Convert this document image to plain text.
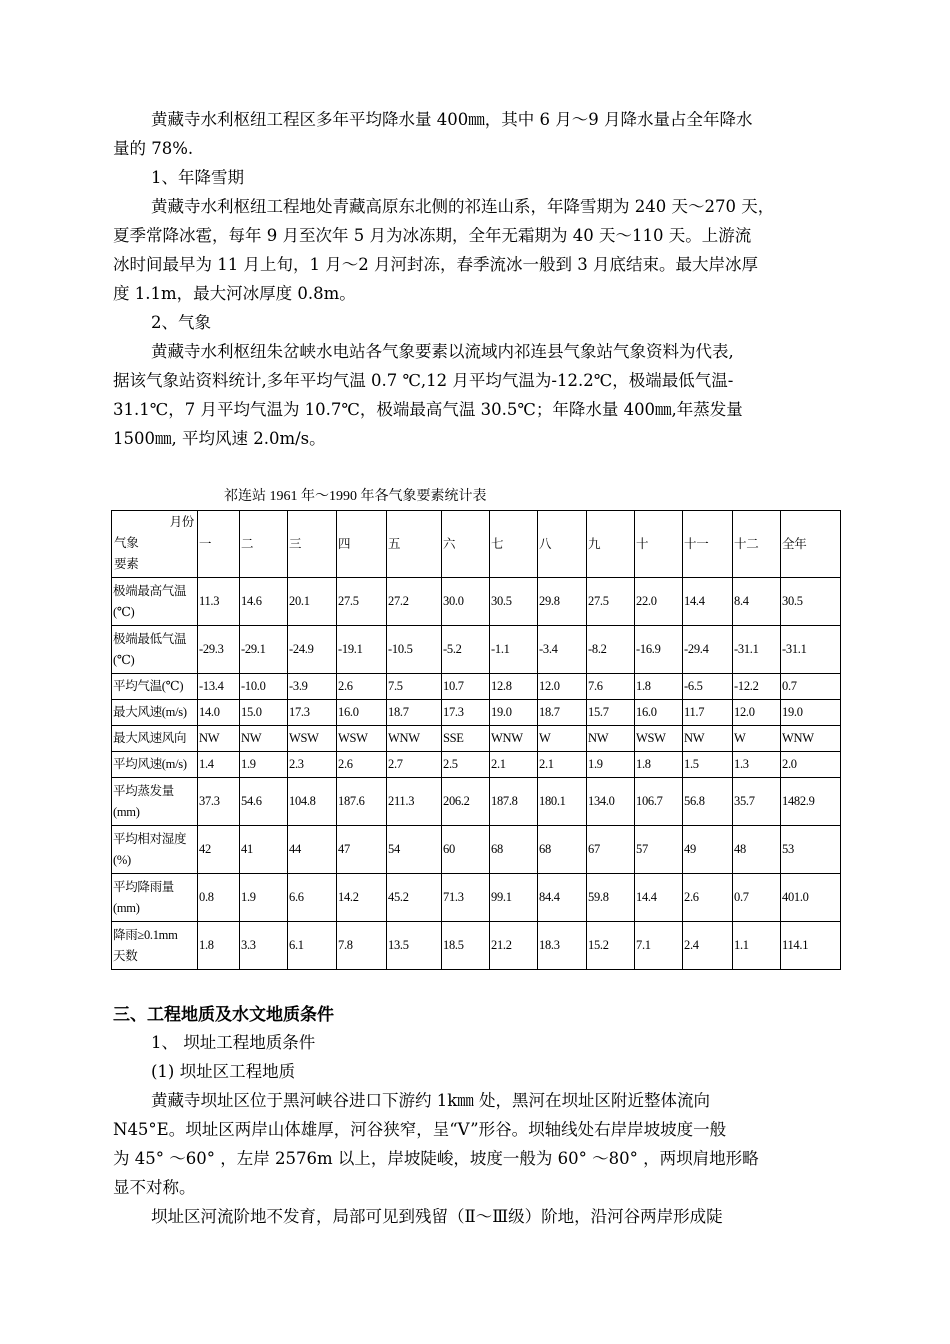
黄藏寺水利枢纽工程区多年平均降水量 400㎜，其中 6 月～9 月降水量占全年降水
量的 78%.
1、年降雪期
黄藏寺水利枢纽工程地处青藏高原东北侧的祁连山系，年降雪期为 240 天～270 天，
夏季常降冰雹，每年 9 月至次年 5 月为冰冻期，全年无霜期为 40 天～110 天。上游流
冰时间最早为 11 月上旬，1 月～2 月河封冻，春季流冰一般到 3 月底结束。最大岸冰厚
度 1.1m，最大河冰厚度 0.8m。
2、气象
黄藏寺水利枢纽朱岔峡水电站各气象要素以流域内祁连县气象站气象资料为代表,
据该气象站资料统计,多年平均气温 0.7 ℃,12 月平均气温为-12.2℃，极端最低气温-
31.1℃，7 月平均气温为 10.7℃，极端最高气温 30.5℃；年降水量 400㎜,年蒸发量
1500㎜, 平均风速 2.0m/s。
祁连站 1961 年～1990 年各气象要素统计表
月份
气象
要素	一	二	三	四	五	六	七	八	九	十	十一	十二	全年

极端最高气温
(℃)	11.3	14.6	20.1	27.5	27.2	30.0	30.5	29.8	27.5	22.0	14.4	8.4	30.5

极端最低气温
(℃)	-29.3	-29.1	-24.9	-19.1	-10.5	-5.2	-1.1	-3.4	-8.2	-16.9	-29.4	-31.1	-31.1

平均气温(℃)	-13.4	-10.0	-3.9	2.6	7.5	10.7	12.8	12.0	7.6	1.8	-6.5	-12.2	0.7

最大风速(m/s)	14.0	15.0	17.3	16.0	18.7	17.3	19.0	18.7	15.7	16.0	11.7	12.0	19.0

最大风速风向	NW	NW	WSW	WSW	WNW	SSE	WNW	W	NW	WSW	NW	W	WNW

平均风速(m/s)	1.4	1.9	2.3	2.6	2.7	2.5	2.1	2.1	1.9	1.8	1.5	1.3	2.0

平均蒸发量
(mm)	37.3	54.6	104.8	187.6	211.3	206.2	187.8	180.1	134.0	106.7	56.8	35.7	1482.9

平均相对湿度
(%)	42	41	44	47	54	60	68	68	67	57	49	48	53

平均降雨量
(mm)	0.8	1.9	6.6	14.2	45.2	71.3	99.1	84.4	59.8	14.4	2.6	0.7	401.0

降雨≥0.1mm
天数	1.8	3.3	6.1	7.8	13.5	18.5	21.2	18.3	15.2	7.1	2.4	1.1	114.1
三、工程地质及水文地质条件
1、 坝址工程地质条件
(1) 坝址区工程地质
黄藏寺坝址区位于黑河峡谷进口下游约 1k㎜ 处，黑河在坝址区附近整体流向
N45°E。坝址区两岸山体雄厚，河谷狭窄，呈“V”形谷。坝轴线处右岸岸坡坡度一般
为 45° ～60° ，左岸 2576m 以上，岸坡陡峻，坡度一般为 60° ～80° ，两坝肩地形略
显不对称。
坝址区河流阶地不发育，局部可见到残留（Ⅱ～Ⅲ级）阶地，沿河谷两岸形成陡
